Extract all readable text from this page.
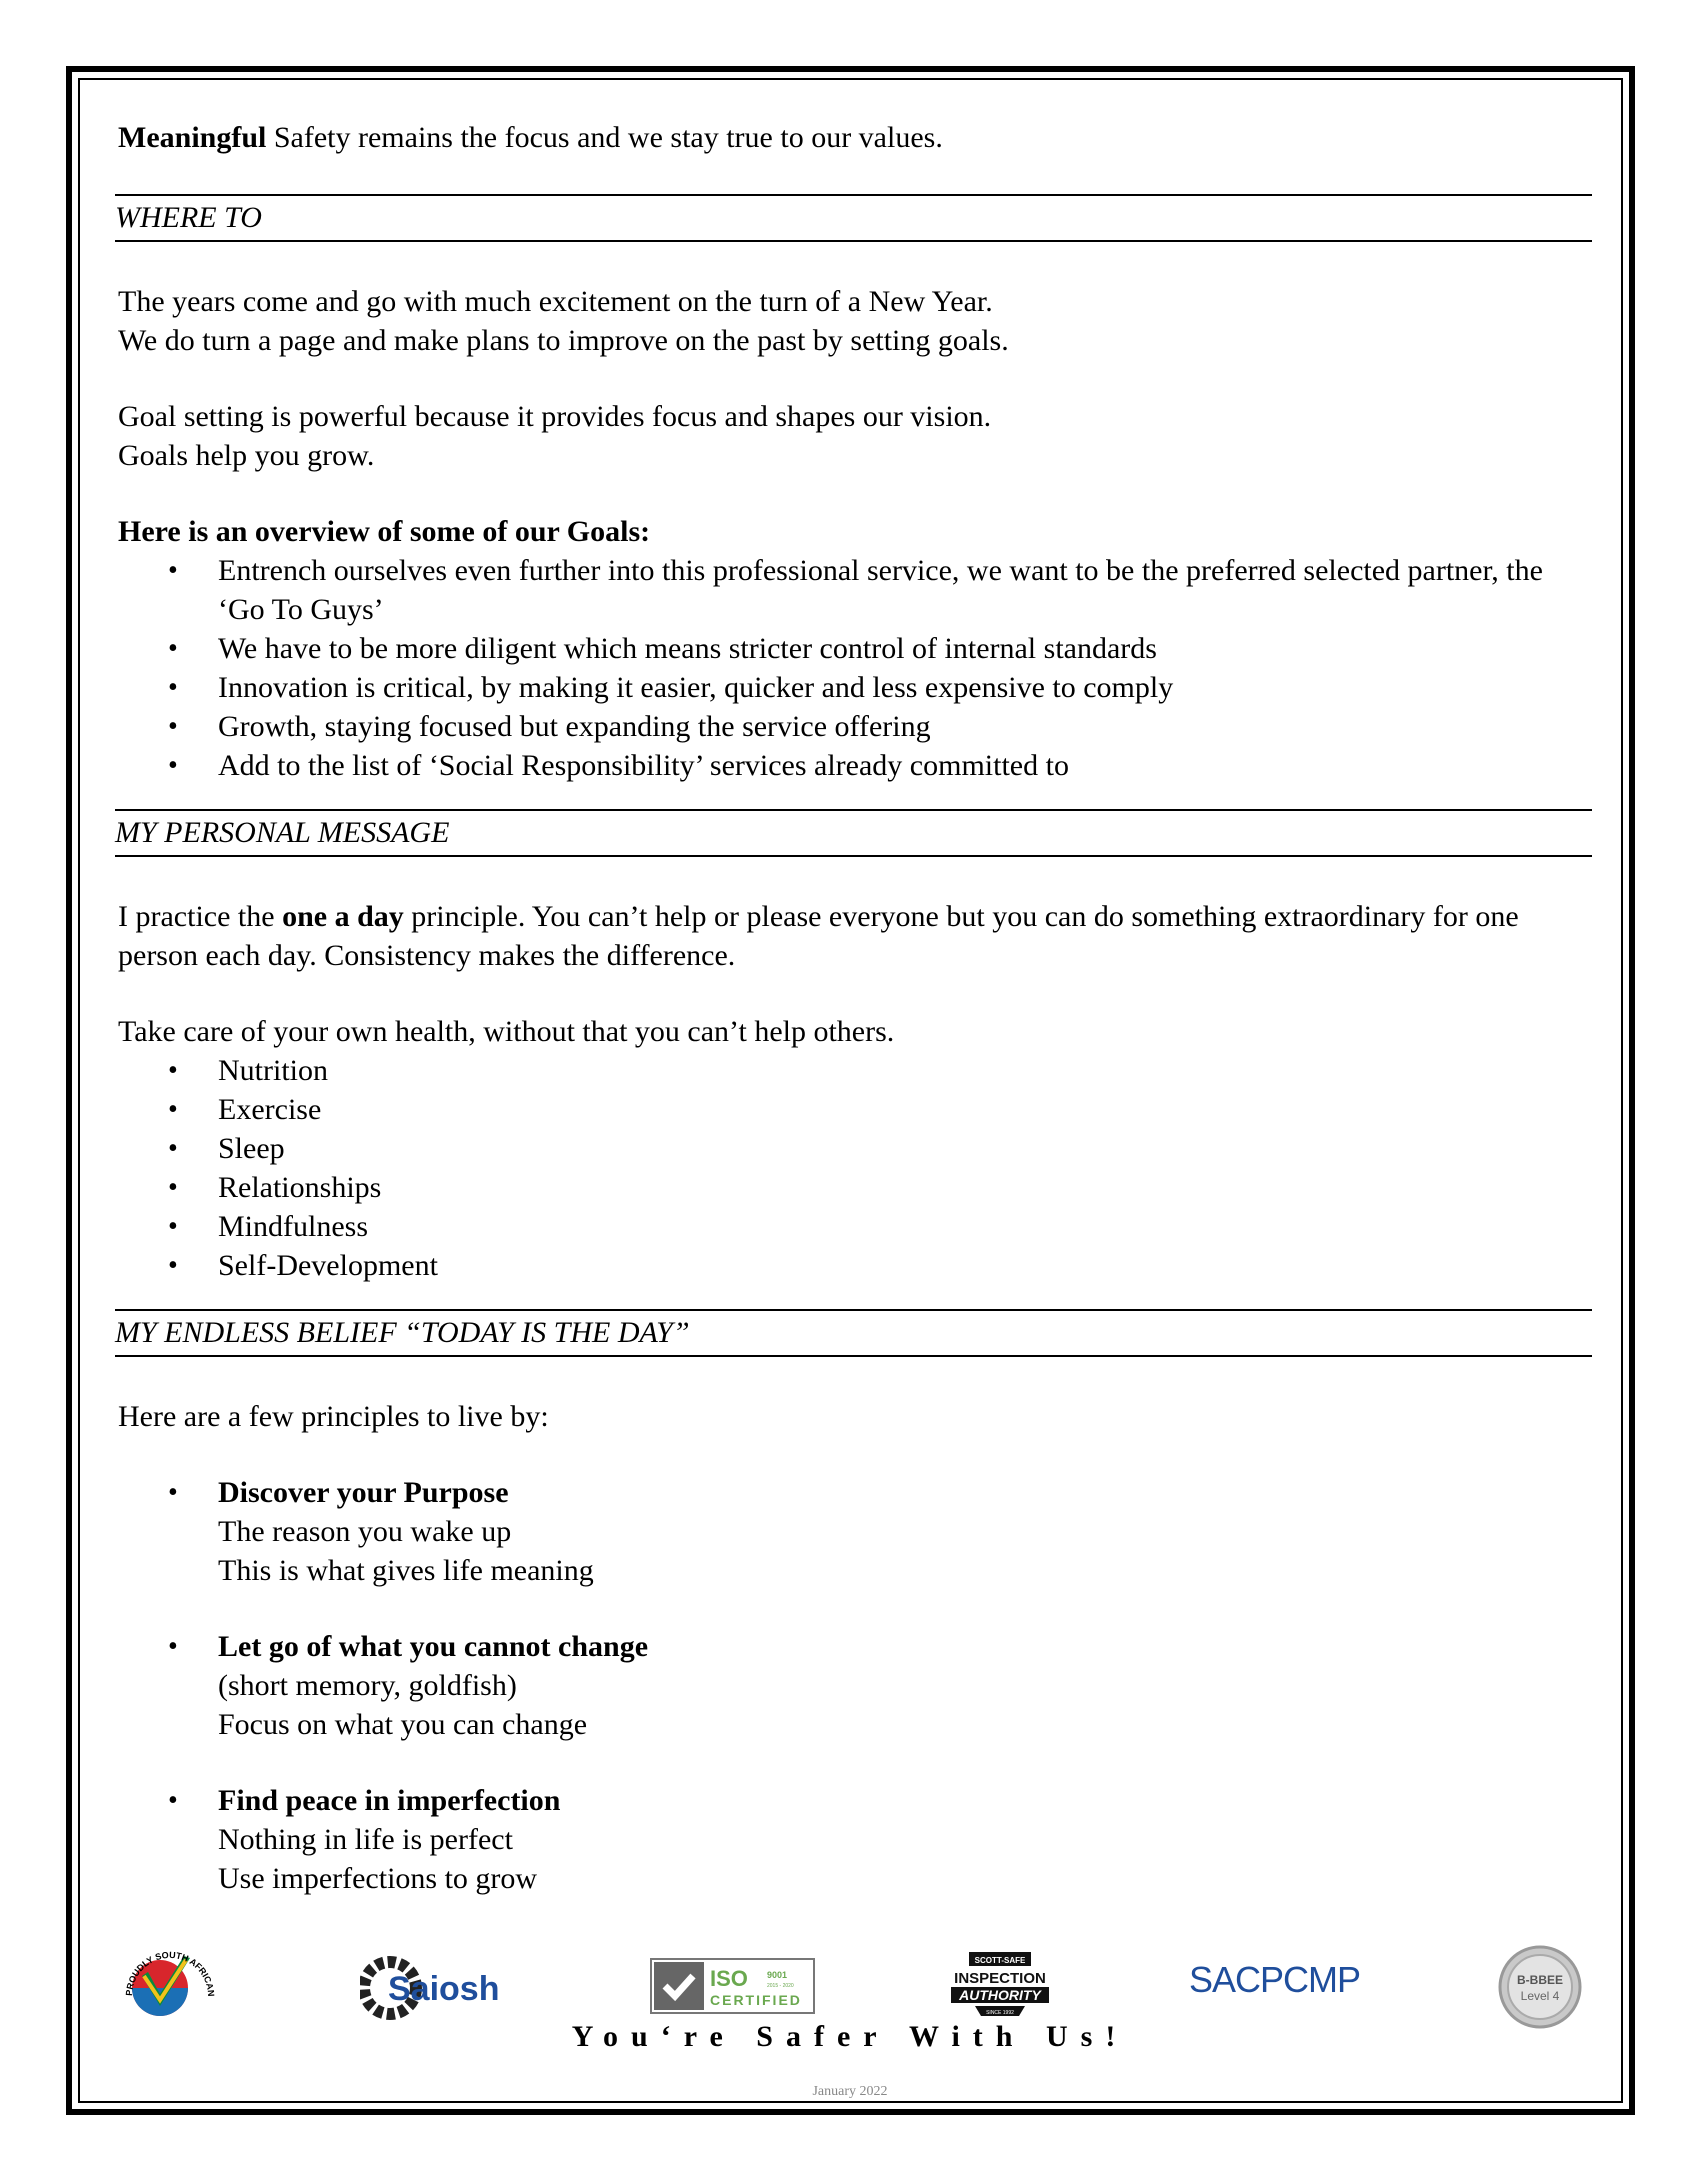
Meaningful Safety remains the focus and we stay true to our values.

WHERE TO

The years come and go with much excitement on the turn of a New Year.

We do turn a page and make plans to improve on the past by setting goals.

Goal setting is powerful because it provides focus and shapes our vision.

Goals help you grow.

Here is an overview of some of our Goals:

• Entrench ourselves even further into this professional service, we want to be the preferred selected partner, the ‘Go To Guys’
• We have to be more diligent which means stricter control of internal standards
• Innovation is critical, by making it easier, quicker and less expensive to comply
• Growth, staying focused but expanding the service offering
• Add to the list of ‘Social Responsibility’ services already committed to
MY PERSONAL MESSAGE

I practice the one a day principle. You can’t help or please everyone but you can do something extraordinary for one person each day. Consistency makes the difference.

Take care of your own health, without that you can’t help others.

• Nutrition
• Exercise
• Sleep
• Relationships
• Mindfulness
• Self-Development
MY ENDLESS BELIEF “TODAY IS THE DAY”

Here are a few principles to live by:

• Discover your Purpose
The reason you wake up
This is what gives life meaning
• Let go of what you cannot change
(short memory, goldfish)
Focus on what you can change
• Find peace in imperfection
Nothing in life is perfect
Use imperfections to grow
PROUDLY SOUTH AFRICAN	Saiosh	ISO 9001
2015 - 2020
CERTIFIED
SCOTT-SAFE
INSPECTION
AUTHORITY
SINCE 1992
SACPCMP	B-BBEE
Level 4
You‘re Safer With Us!
January 2022
